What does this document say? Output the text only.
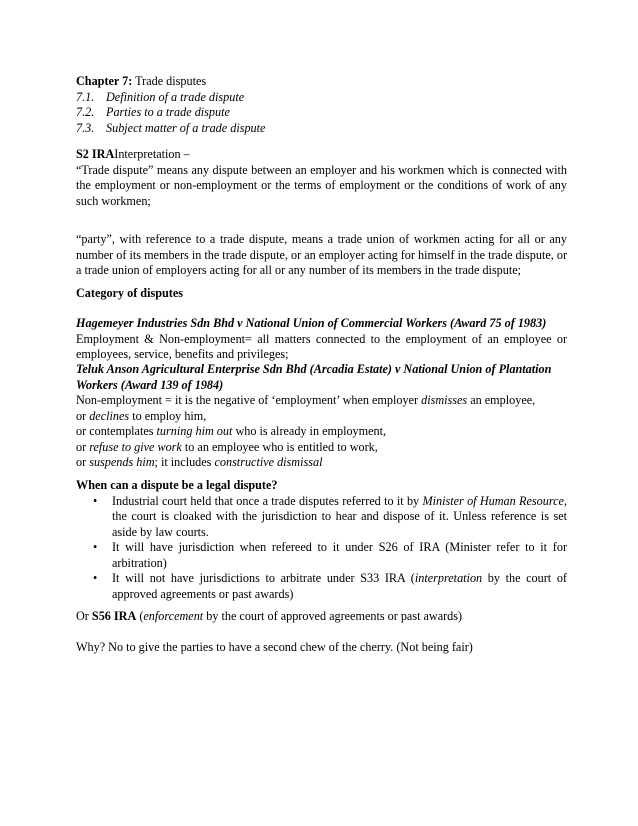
Chapter 7: Trade disputes
7.1. Definition of a trade dispute
7.2. Parties to a trade dispute
7.3. Subject matter of a trade dispute
S2 IRAInterpretation –
“Trade dispute” means any dispute between an employer and his workmen which is connected with the employment or non-employment or the terms of employment or the conditions of work of any such workmen;
“party”, with reference to a trade dispute, means a trade union of workmen acting for all or any number of its members in the trade dispute, or an employer acting for himself in the trade dispute, or a trade union of employers acting for all or any number of its members in the trade dispute;
Category of disputes
Hagemeyer Industries Sdn Bhd v National Union of Commercial Workers (Award 75 of 1983)
Employment & Non-employment= all matters connected to the employment of an employee or employees, service, benefits and privileges;
Teluk Anson Agricultural Enterprise Sdn Bhd (Arcadia Estate) v National Union of Plantation Workers (Award 139 of 1984)
Non-employment = it is the negative of ‘employment’ when employer dismisses an employee,
or declines to employ him,
or contemplates turning him out who is already in employment,
or refuse to give work to an employee who is entitled to work,
or suspends him; it includes constructive dismissal
When can a dispute be a legal dispute?
• Industrial court held that once a trade disputes referred to it by Minister of Human Resource, the court is cloaked with the jurisdiction to hear and dispose of it. Unless reference is set aside by law courts.
• It will have jurisdiction when refereed to it under S26 of IRA (Minister refer to it for arbitration)
• It will not have jurisdictions to arbitrate under S33 IRA (interpretation by the court of approved agreements or past awards)
Or S56 IRA (enforcement by the court of approved agreements or past awards)
Why? No to give the parties to have a second chew of the cherry. (Not being fair)
